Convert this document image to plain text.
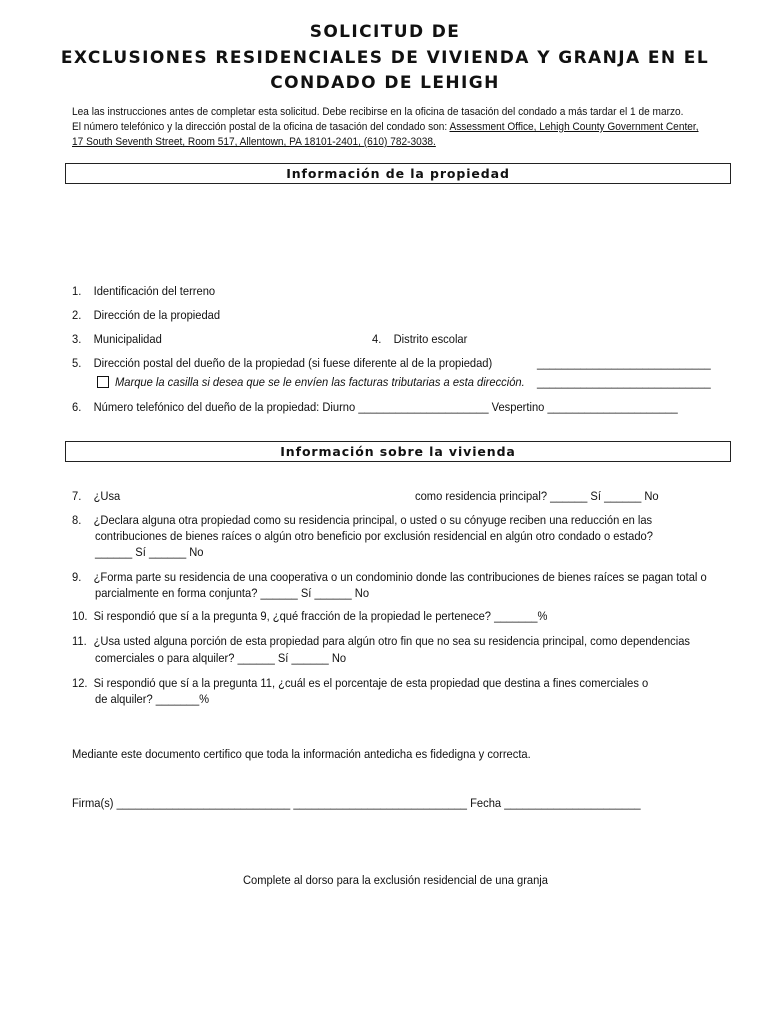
SOLICITUD DE
EXCLUSIONES RESIDENCIALES DE VIVIENDA Y GRANJA EN EL
CONDADO DE LEHIGH
Lea las instrucciones antes de completar esta solicitud. Debe recibirse en la oficina de tasación del condado a más tardar el 1 de marzo.
El número telefónico y la dirección postal de la oficina de tasación del condado son: Assessment Office, Lehigh County Government Center,
17 South Seventh Street, Room 517, Allentown, PA 18101-2401, (610) 782-3038.
Información de la propiedad
1. Identificación del terreno
2. Dirección de la propiedad
3. Municipalidad	4. Distrito escolar
5. Dirección postal del dueño de la propiedad (si fuese diferente al de la propiedad)	____________________________
Marque la casilla si desea que se le envíen las facturas tributarias a esta dirección. ____________________________
6. Número telefónico del dueño de la propiedad: Diurno _____________________ Vespertino _____________________
Información sobre la vivienda
7. ¿Usa	como residencia principal? ______ Sí ______ No
8. ¿Declara alguna otra propiedad como su residencia principal, o usted o su cónyuge reciben una reducción en las
contribuciones de bienes raíces o algún otro beneficio por exclusión residencial en algún otro condado o estado?
______ Sí ______ No
9. ¿Forma parte su residencia de una cooperativa o un condominio donde las contribuciones de bienes raíces se pagan total o
parcialmente en forma conjunta? ______ Sí ______ No
10. Si respondió que sí a la pregunta 9, ¿qué fracción de la propiedad le pertenece? _______%
11. ¿Usa usted alguna porción de esta propiedad para algún otro fin que no sea su residencia principal, como dependencias
comerciales o para alquiler? ______ Sí ______ No
12. Si respondió que sí a la pregunta 11, ¿cuál es el porcentaje de esta propiedad que destina a fines comerciales o
de alquiler? _______%
Mediante este documento certifico que toda la información antedicha es fidedigna y correcta.
Firma(s) ____________________________ ____________________________ Fecha ______________________
Complete al dorso para la exclusión residencial de una granja
